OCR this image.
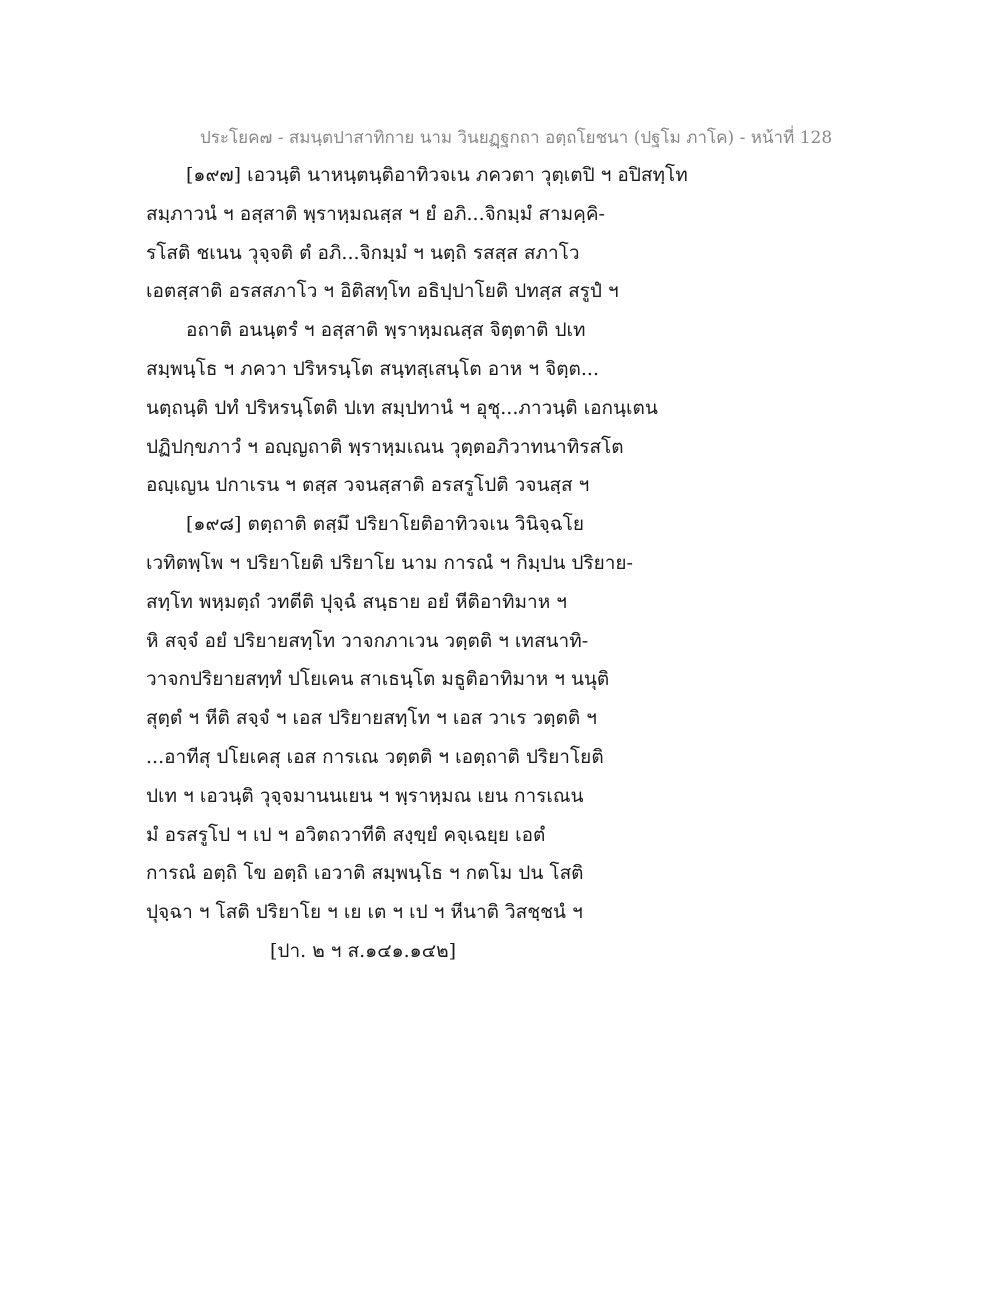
ประโยค๗ - สมนฺตปาสาทิกาย นาม วินยฏฺฐกถา อตฺถโยชนา (ปฐโม ภาโค) - หน้าที่ 128
[๑๙๗] เอวนฺติ นาหนฺตนฺติอาทิวจเน ภควตา วุตฺเตปิ ฯ อปิสทฺโท
สมฺภาวนํ ฯ อสฺสาติ พฺราหฺมณสฺส ฯ ยํ อภิ...จิกมฺมํ สามคฺคิ-
รโสติ ชเนน วุจฺจติ ตํ อภิ...จิกมฺมํ ฯ นตฺถิ รสสฺส สภาโว
เอตสฺสาติ อรสสภาโว ฯ อิติสทฺโท อธิปฺปาโยติ ปทสฺส สรูปํ ฯ
อถาติ อนนฺตรํ ฯ อสฺสาติ พฺราหฺมณสฺส จิตฺตาติ ปเท
สมฺพนฺโธ ฯ ภควา ปริหรนฺโต สนฺทสฺเสนฺโต อาห ฯ จิตฺต...
นตฺถนฺติ ปทํ ปริหรนฺโตติ ปเท สมฺปทานํ ฯ อุชุ...ภาวนฺติ เอกนฺเตน
ปฏิปกฺขภาวํ ฯ อญฺญถาติ พฺราหฺมเณน วุตฺตอภิวาทนาทิรสโต
อญฺเญน ปกาเรน ฯ ตสฺส วจนสฺสาติ อรสรูโปติ วจนสฺส ฯ
[๑๙๘] ตตฺถาติ ตสฺมึ ปริยาโยติอาทิวจเน วินิจฺฉโย
เวทิตพฺโพ ฯ ปริยาโยติ ปริยาโย นาม การณํ ฯ กิมฺปน ปริยาย-
สทฺโท พหฺมตฺถํ วทตีติ ปุจฺฉํ สนฺธาย อยํ หีติอาทิมาห ฯ
หิ สจฺจํ อยํ ปริยายสทฺโท วาจกภาเวน วตฺตติ ฯ เทสนาทิ-
วาจกปริยายสทฺทํ ปโยเคน สาเธนฺโต มธูติอาทิมาห ฯ นนุติ
สุตฺตํ ฯ หีติ สจฺจํ ฯ เอส ปริยายสทฺโท ฯ เอส วาเร วตฺตติ ฯ
...อาทีสุ ปโยเคสุ เอส การเณ วตฺตติ ฯ เอตฺถาติ ปริยาโยติ
ปเท ฯ เอวนฺติ วุจฺจมานนเยน ฯ พฺราหฺมณ เยน การเณน
มํ อรสรูโป ฯ เป ฯ อวิตถวาทีติ สงฺขฺยํ คจฺเฉยฺย เอตํ
การณํ อตฺถิ โข อตฺถิ เอวาติ สมฺพนฺโธ ฯ กตโม ปน โสติ
ปุจฺฉา ฯ โสติ ปริยาโย ฯ เย เต ฯ เป ฯ หีนาติ วิสชฺชนํ ฯ
[ปา. ๒ ฯ ส.๑๔๑.๑๔๒]
